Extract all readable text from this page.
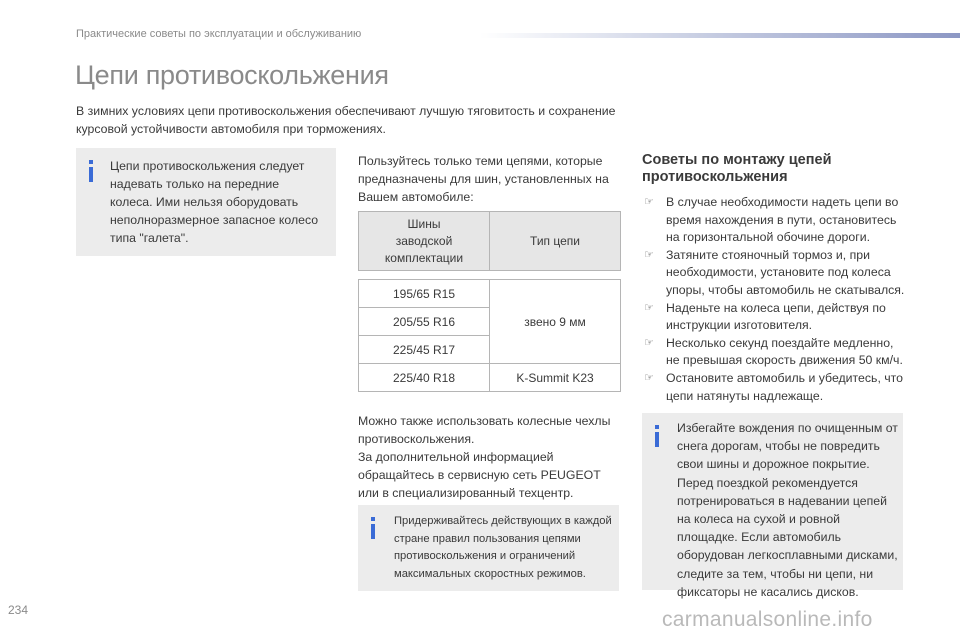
Практические советы по эксплуатации и обслуживанию
Цепи противоскольжения
В зимних условиях цепи противоскольжения обеспечивают лучшую тяговитость и сохранение курсовой устойчивости автомобиля при торможениях.
Цепи противоскольжения следует надевать только на передние колеса. Ими нельзя оборудовать неполноразмерное запасное колесо типа "галета".
Пользуйтесь только теми цепями, которые предназначены для шин, установленных на Вашем автомобиле:
Шины заводской комплектации	Тип цепи

195/65 R15	звено 9 мм
205/55 R16	
225/45 R17	
225/40 R18	K-Summit K23
Можно также использовать колесные чехлы противоскольжения.
За дополнительной информацией обращайтесь в сервисную сеть PEUGEOT или в специализированный техцентр.
Придерживайтесь действующих в каждой стране правил пользования цепями противоскольжения и ограничений максимальных скоростных режимов.
Советы по монтажу цепей противоскольжения
☞ В случае необходимости надеть цепи во время нахождения в пути, остановитесь на горизонтальной обочине дороги.
☞ Затяните стояночный тормоз и, при необходимости, установите под колеса упоры, чтобы автомобиль не скатывался.
☞ Наденьте на колеса цепи, действуя по инструкции изготовителя.
☞ Несколько секунд поездайте медленно, не превышая скорость движения 50 км/ч.
☞ Остановите автомобиль и убедитесь, что цепи натянуты надлежаще.
Избегайте вождения по очищенным от снега дорогам, чтобы не повредить свои шины и дорожное покрытие. Перед поездкой рекомендуется потренироваться в надевании цепей на колеса на сухой и ровной площадке. Если автомобиль оборудован легкосплавными дисками, следите за тем, чтобы ни цепи, ни фиксаторы не касались дисков.
234	carmanualsonline.info
